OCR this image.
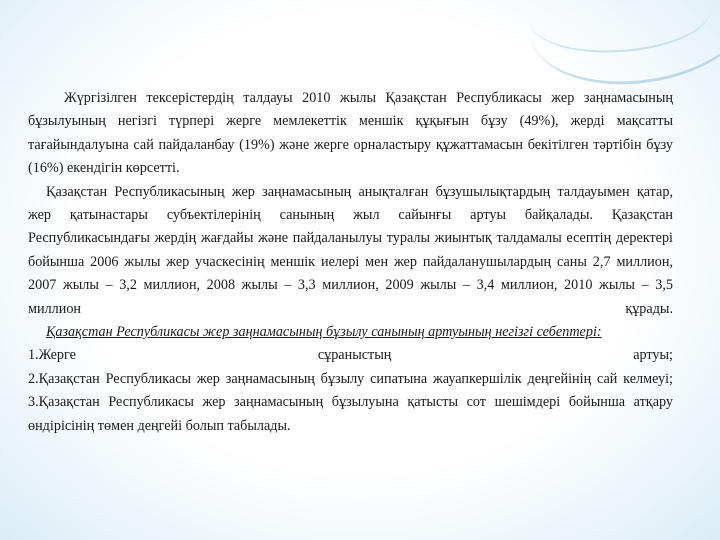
Жүргізілген тексерістердің талдауы 2010 жылы Қазақстан Республикасы жер заңнамасының бұзылуының негізгі түрпері жерге мемлекеттік меншік құқығын бұзу (49%), жерді мақсатты тағайындалуына сай пайдаланбау (19%) және жерге орналастыру құжаттамасын бекітілген тәртібін бұзу (16%) екендігін көрсетті.

Қазақстан Республикасының жер заңнамасының анықталған бұзушылықтардың талдауымен қатар, жер қатынастары субъектілерінің санының жыл сайынғы артуы байқалады. Қазақстан Республикасындағы жердің жағдайы және пайдаланылуы туралы жиынтық талдамалы есептің деректері бойынша 2006 жылы жер учаскесінің меншік иелері мен жер пайдаланушылардың саны 2,7 миллион, 2007 жылы – 3,2 миллион, 2008 жылы – 3,3 миллион, 2009 жылы – 3,4 миллион, 2010 жылы – 3,5 миллион құрады.

Қазақстан Республикасы жер заңнамасының бұзылу санының артуының негізгі себептері:

1.Жерге сұраныстың артуы;

2.Қазақстан Республикасы жер заңнамасының бұзылу сипатына жауапкершілік деңгейінің сай келмеуі;

3.Қазақстан Республикасы жер заңнамасының бұзылуына қатысты сот шешімдері бойынша атқару өндірісінің төмен деңгейі болып табылады.
